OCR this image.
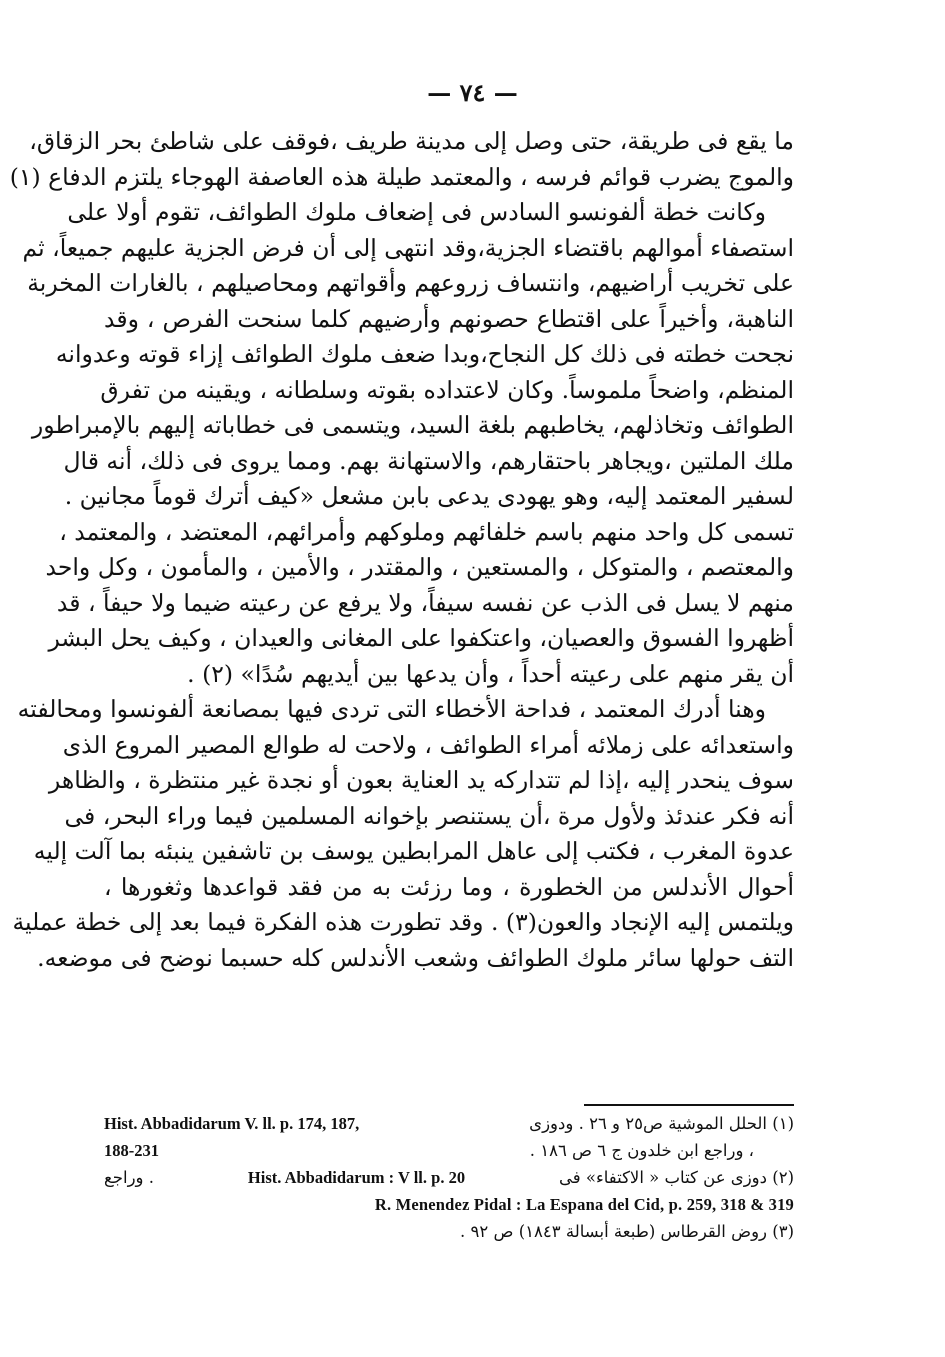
— ٧٤ —

ما يقع فى طريقة، حتى وصل إلى مدينة طريف ،فوقف على شاطئ بحر الزقاق،
والموج يضرب قوائم فرسه ، والمعتمد طيلة هذه العاصفة الهوجاء يلتزم الدفاع (١)

وكانت خطة ألفونسو السادس فى إضعاف ملوك الطوائف، تقوم أولا على
استصفاء أموالهم باقتضاء الجزية،وقد انتهى إلى أن فرض الجزية عليهم جميعاً، ثم
على تخريب أراضيهم، وانتساف زروعهم وأقواتهم ومحاصيلهم ، بالغارات المخربة
الناهبة، وأخيراً على اقتطاع حصونهم وأرضيهم كلما سنحت الفرص ، وقد
نجحت خطته فى ذلك كل النجاح،وبدا ضعف ملوك الطوائف إزاء قوته وعدوانه
المنظم، واضحاً ملموساً. وكان لاعتداده بقوته وسلطانه ، ويقينه من تفرق
الطوائف وتخاذلهم، يخاطبهم بلغة السيد، ويتسمى فى خطاباته إليهم بالإمبراطور
ملك الملتين ،ويجاهر باحتقارهم، والاستهانة بهم. ومما يروى فى ذلك، أنه قال
لسفير المعتمد إليه، وهو يهودى يدعى بابن مشعل «كيف أترك قوماً مجانين .
تسمى كل واحد منهم باسم خلفائهم وملوكهم وأمرائهم، المعتضد ، والمعتمد ،
والمعتصم ، والمتوكل ، والمستعين ، والمقتدر ، والأمين ، والمأمون ، وكل واحد
منهم لا يسل فى الذب عن نفسه سيفاً، ولا يرفع عن رعيته ضيما ولا حيفاً ، قد
أظهروا الفسوق والعصيان، واعتكفوا على المغانى والعيدان ، وكيف يحل البشر
أن يقر منهم على رعيته أحداً ، وأن يدعها بين أيديهم سُدًا» (٢) .

وهنا أدرك المعتمد ، فداحة الأخطاء التى تردى فيها بمصانعة ألفونسوا ومحالفته
واستعدائه على زملائه أمراء الطوائف ، ولاحت له طوالع المصير المروع الذى
سوف ينحدر إليه ،إذا لم تتداركه يد العناية بعون أو نجدة غير منتظرة ، والظاهر
أنه فكر عندئذ ولأول مرة ،أن يستنصر بإخوانه المسلمين فيما وراء البحر، فى
عدوة المغرب ، فكتب إلى عاهل المرابطين يوسف بن تاشفين ينبئه بما آلت إليه
أحوال الأندلس من الخطورة ، وما رزئت به من فقد قواعدها وثغورها ،
ويلتمس إليه الإنجاد والعون(٣) . وقد تطورت هذه الفكرة فيما بعد إلى خطة عملية
التف حولها سائر ملوك الطوائف وشعب الأندلس كله حسبما نوضح فى موضعه.

(١) الحلل الموشية ص٢٥ و ٢٦ . ودوزى
Hist. Abbadidarum V. ll. p. 174, 187,
، وراجع ابن خلدون ج ٦ ص ١٨٦ .
188-231
(٢) دوزى عن كتاب « الاكتفاء» فى
Hist. Abbadidarum : V ll. p. 20
. وراجع
R. Menendez Pidal : La Espana del Cid, p. 259, 318 & 319
(٣) روض القرطاس (طبعة أبسالة ١٨٤٣) ص ٩٢ .
